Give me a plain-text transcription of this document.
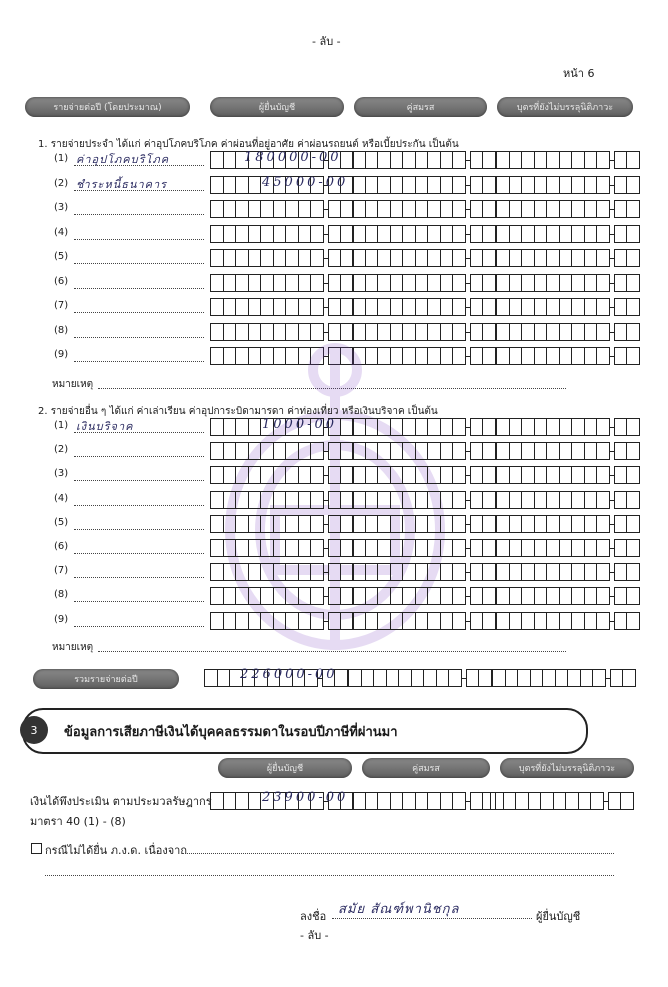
- ลับ -
หน้า 6
รายจ่ายต่อปี (โดยประมาณ)	ผู้ยื่นบัญชี	คู่สมรส	บุตรที่ยังไม่บรรลุนิติภาวะ
1. รายจ่ายประจำ ได้แก่ ค่าอุปโภคบริโภค ค่าผ่อนที่อยู่อาศัย ค่าผ่อนรถยนต์ หรือเบี้ยประกัน เป็นต้น
(1) ค่าอุปโภคบริโภค	180000-00
(2) ชำระหนี้ธนาคาร	45000-00
(3)
(4)
(5)
(6)
(7)
(8)
(9)
หมายเหตุ
2. รายจ่ายอื่น ๆ ได้แก่ ค่าเล่าเรียน ค่าอุปการะบิดามารดา ค่าท่องเที่ยว หรือเงินบริจาค เป็นต้น
(1) เงินบริจาค	1000-00
(2)
(3)
(4)
(5)
(6)
(7)
(8)
(9)
หมายเหตุ
รวมรายจ่ายต่อปี	226000-00
3	ข้อมูลการเสียภาษีเงินได้บุคคลธรรมดาในรอบปีภาษีที่ผ่านมา
ผู้ยื่นบัญชี	คู่สมรส	บุตรที่ยังไม่บรรลุนิติภาวะ
เงินได้พึงประเมิน ตามประมวลรัษฎากร
มาตรา 40 (1) - (8)
23900-00
กรณีไม่ได้ยื่น ภ.ง.ด. เนื่องจาก
ลงชื่อ สมัย สัณฑ์พานิชกุล	ผู้ยื่นบัญชี
- ลับ -
